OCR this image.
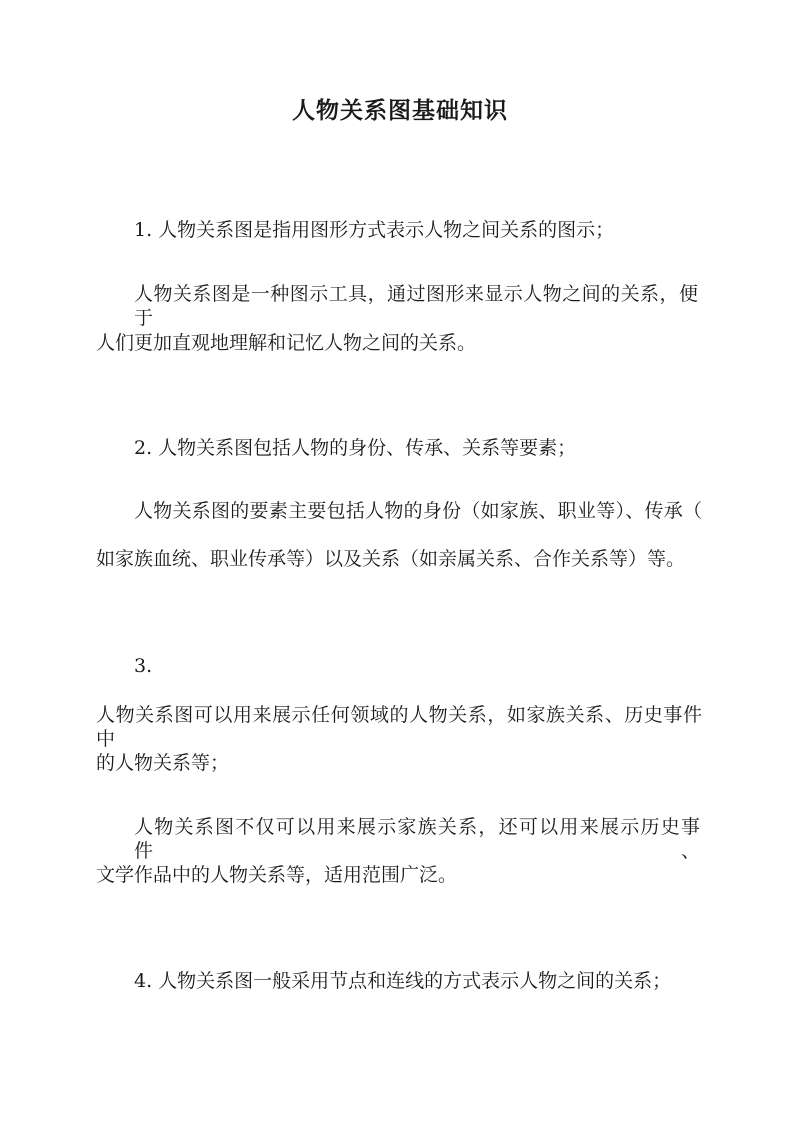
人物关系图基础知识
1. 人物关系图是指用图形方式表示人物之间关系的图示；
人物关系图是一种图示工具，通过图形来显示人物之间的关系，便于
人们更加直观地理解和记忆人物之间的关系。
2. 人物关系图包括人物的身份、传承、关系等要素；
人物关系图的要素主要包括人物的身份（如家族、职业等）、传承（
如家族血统、职业传承等）以及关系（如亲属关系、合作关系等）等。
3.
人物关系图可以用来展示任何领域的人物关系，如家族关系、历史事件中
的人物关系等；
人物关系图不仅可以用来展示家族关系，还可以用来展示历史事件、
文学作品中的人物关系等，适用范围广泛。
4. 人物关系图一般采用节点和连线的方式表示人物之间的关系；
